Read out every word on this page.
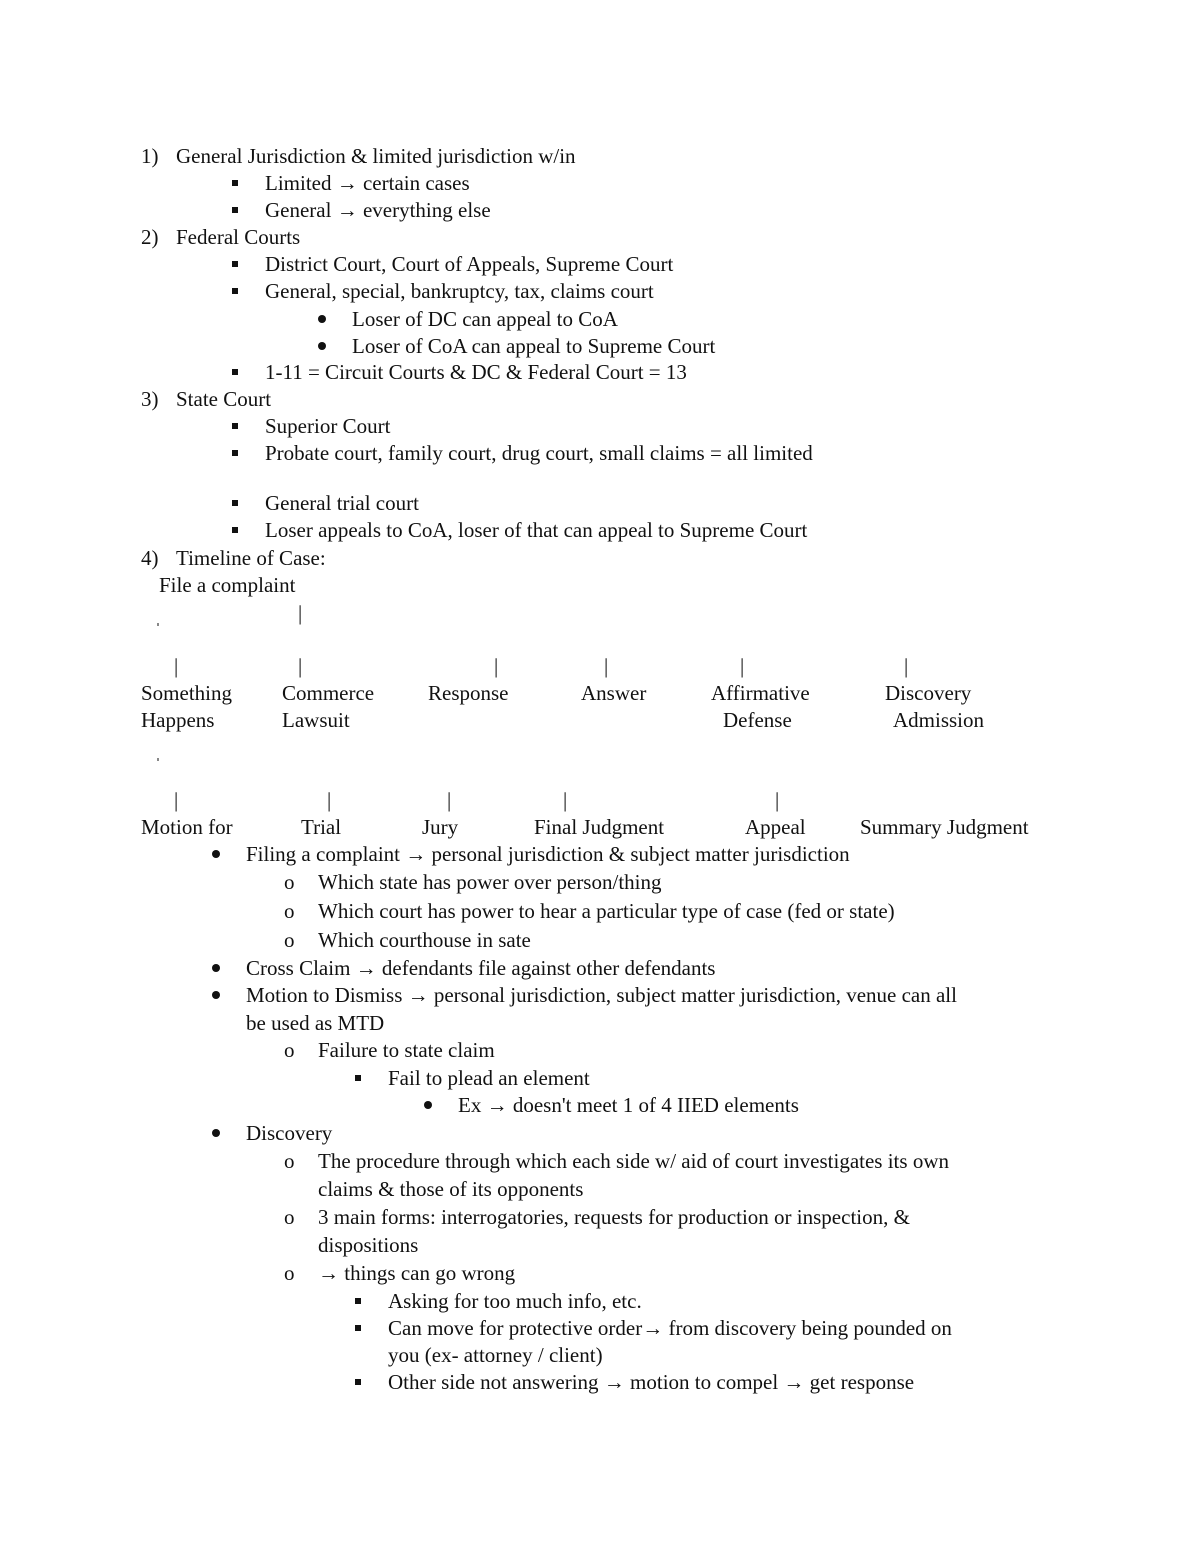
1) General Jurisdiction & limited jurisdiction w/in
Limited → certain cases
General → everything else
2) Federal Courts
District Court, Court of Appeals, Supreme Court
General, special, bankruptcy, tax, claims court
Loser of DC can appeal to CoA
Loser of CoA can appeal to Supreme Court
1-11 = Circuit Courts & DC & Federal Court = 13
3) State Court
Superior Court
Probate court, family court, drug court, small claims = all limited
General trial court
Loser appeals to CoA, loser of that can appeal to Supreme Court
4) Timeline of Case:
File a complaint
|
|	|	|	|	|	|
Something
Happens
Commerce
Lawsuit
Response	Answer	Affirmative
Defense
Discovery
Admission
|	|	|	|	|
Motion for	Trial	Jury	Final Judgment	Appeal	Summary Judgment
Filing a complaint → personal jurisdiction & subject matter jurisdiction
o Which state has power over person/thing
o Which court has power to hear a particular type of case (fed or state)
o Which courthouse in sate
Cross Claim → defendants file against other defendants
Motion to Dismiss → personal jurisdiction, subject matter jurisdiction, venue can all
be used as MTD
o Failure to state claim
Fail to plead an element
Ex → doesn't meet 1 of 4 IIED elements
Discovery
o The procedure through which each side w/ aid of court investigates its own
claims & those of its opponents
o 3 main forms: interrogatories, requests for production or inspection, &
dispositions
o → things can go wrong
Asking for too much info, etc.
Can move for protective order→ from discovery being pounded on
you (ex- attorney / client)
Other side not answering → motion to compel → get response
